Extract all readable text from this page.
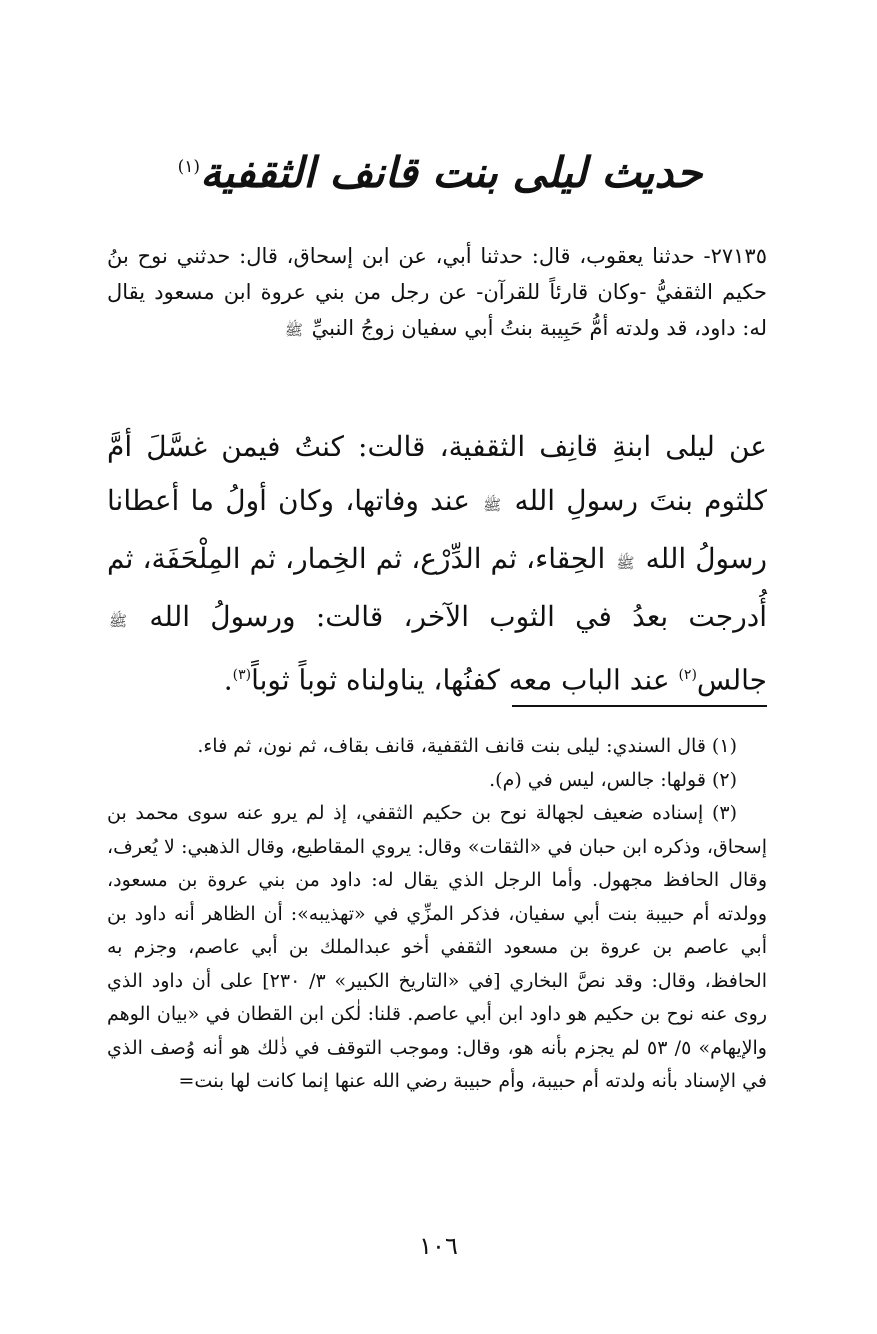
حديث ليلى بنت قانف الثقفية$^{(١)}$

٢٧١٣٥- حدثنا يعقوب، قال: حدثنا أبي، عن ابن إسحاق، قال: حدثني نوح بنُ حكيم الثقفيُّ -وكان قارئاً للقرآن- عن رجل من بني عروة ابن مسعود يقال له: داود، قد ولدته أمُّ حَبِيبة بنتُ أبي سفيان زوجُ النبيِّ ﷺ

عن ليلى ابنةِ قانِف الثقفية، قالت: كنتُ فيمن غسَّلَ أمَّ كلثوم بنتَ رسولِ الله ﷺ عند وفاتها، وكان أولُ ما أعطانا رسولُ الله ﷺ الحِقاء، ثم الدِّرْع، ثم الخِمار، ثم المِلْحَفَة، ثم أُدرجت بعدُ في الثوب الآخر، قالت: ورسولُ الله ﷺ جالس$^{(٢)}$ عند الباب معه كفنُها، يناولناه ثوباً ثوباً$^{(٣)}$.

(١) قال السندي: ليلى بنت قانف الثقفية، قانف بقاف، ثم نون، ثم فاء.

(٢) قولها: جالس، ليس في (م).

(٣) إسناده ضعيف لجهالة نوح بن حكيم الثقفي، إذ لم يرو عنه سوى محمد بن إسحاق، وذكره ابن حبان في «الثقات» وقال: يروي المقاطيع، وقال الذهبي: لا يُعرف، وقال الحافظ مجهول. وأما الرجل الذي يقال له: داود من بني عروة بن مسعود، وولدته أم حبيبة بنت أبي سفيان، فذكر المزِّي في «تهذيبه»: أن الظاهر أنه داود بن أبي عاصم بن عروة بن مسعود الثقفي أخو عبدالملك بن أبي عاصم، وجزم به الحافظ، وقال: وقد نصَّ البخاري [في «التاريخ الكبير» ٣/ ٢٣٠] على أن داود الذي روى عنه نوح بن حكيم هو داود ابن أبي عاصم. قلنا: لٰكن ابن القطان في «بيان الوهم والإيهام» ٥/ ٥٣ لم يجزم بأنه هو، وقال: وموجب التوقف في ذٰلك هو أنه وُصف الذي في الإسناد بأنه ولدته أم حبيبة، وأم حبيبة رضي الله عنها إنما كانت لها بنت=

١٠٦
